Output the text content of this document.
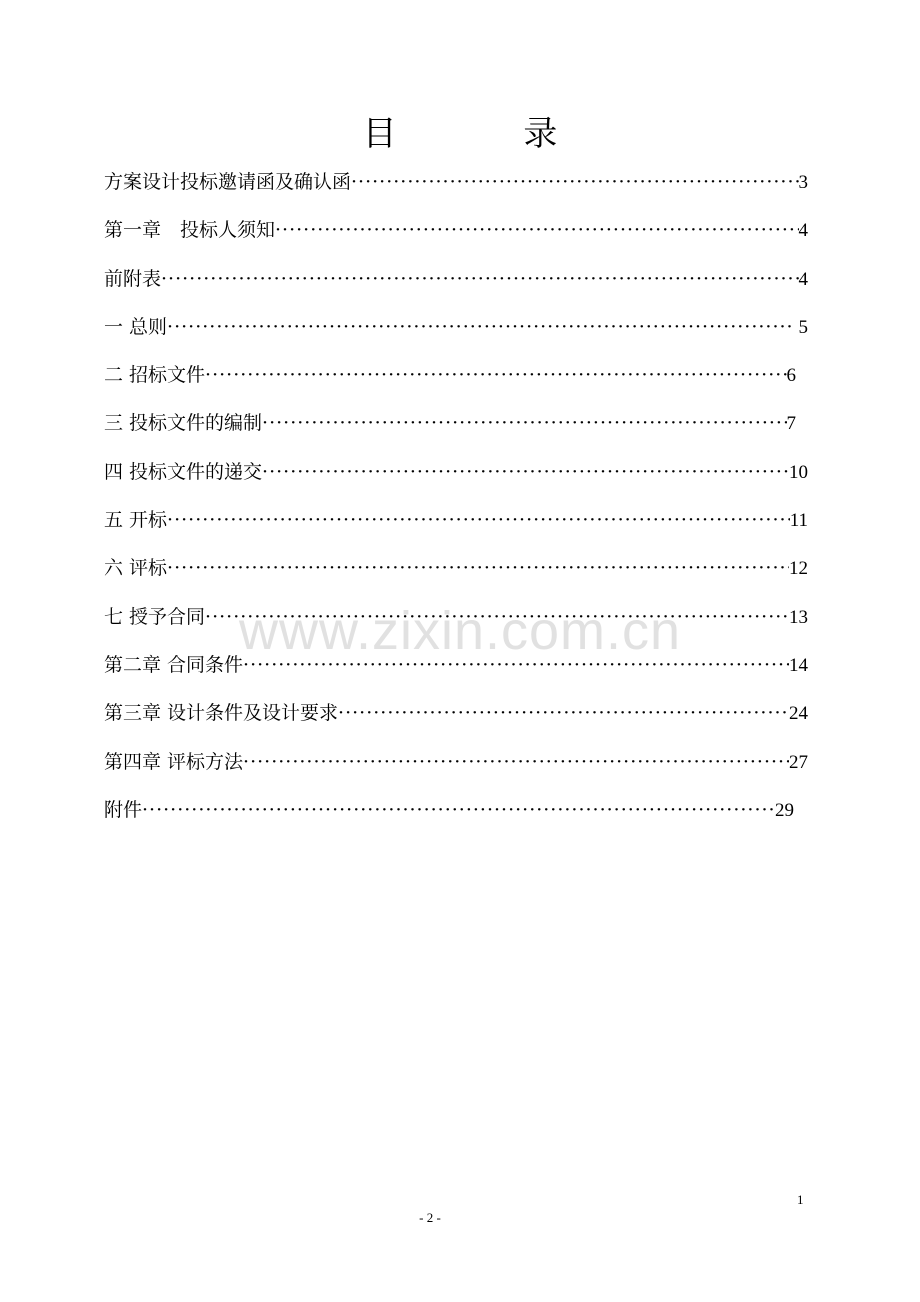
目 录
方案设计投标邀请函及确认函 ·····	3
第一章　投标人须知 ·····	4
前附表 ·····	4
一 总则 ·····	5
二 招标文件 ·····	6
三 投标文件的编制 ·····	7
四 投标文件的递交 ·····	10
五 开标 ·····	11
六 评标 ·····	12
七 授予合同 ·····	13
第二章 合同条件 ·····	14
第三章 设计条件及设计要求 ·····	24
第四章 评标方法 ·····	27
附件 ·····	29
www.zixin.com.cn
1
- 2 -
